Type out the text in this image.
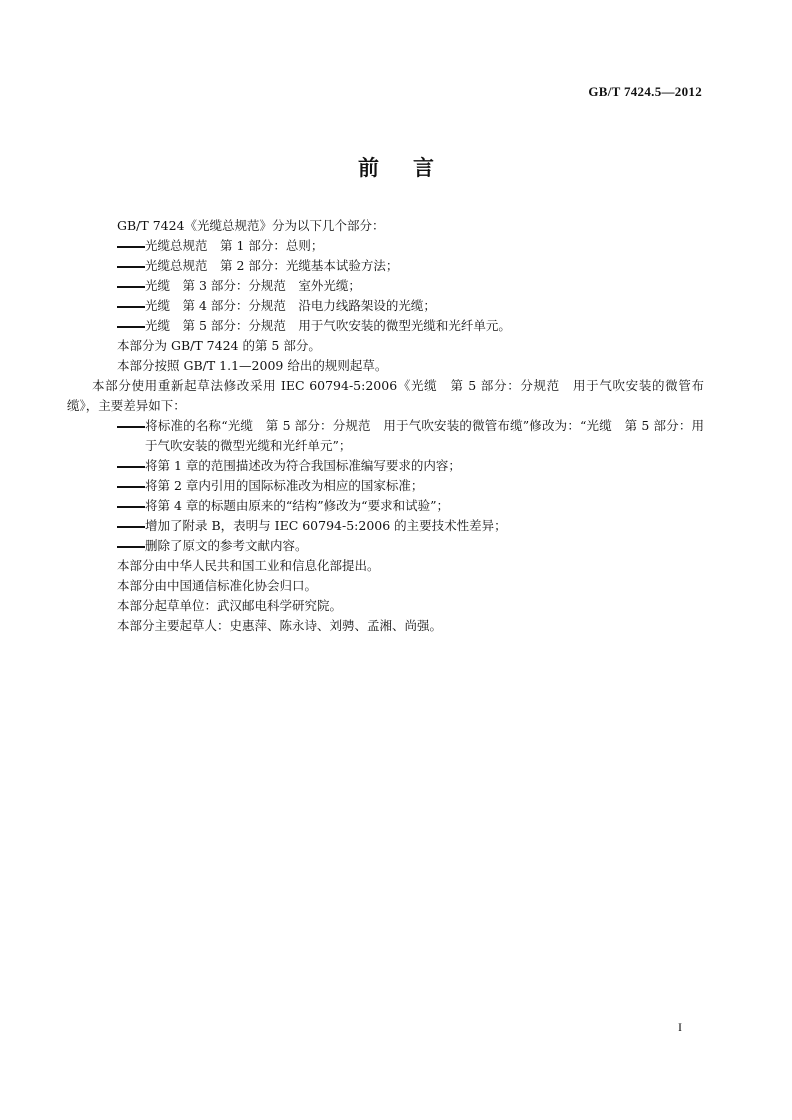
GB/T 7424.5—2012
前言

GB/T 7424《光缆总规范》分为以下几个部分：

光缆总规范　第 1 部分：总则；

光缆总规范　第 2 部分：光缆基本试验方法；

光缆　第 3 部分：分规范　室外光缆；

光缆　第 4 部分：分规范　沿电力线路架设的光缆；

光缆　第 5 部分：分规范　用于气吹安装的微型光缆和光纤单元。

本部分为 GB/T 7424 的第 5 部分。

本部分按照 GB/T 1.1—2009 给出的规则起草。

本部分使用重新起草法修改采用 IEC 60794-5:2006《光缆　第 5 部分：分规范　用于气吹安装的微管布缆》，主要差异如下：

将标准的名称“光缆　第 5 部分：分规范　用于气吹安装的微管布缆”修改为：“光缆　第 5 部分：用于气吹安装的微型光缆和光纤单元”；

将第 1 章的范围描述改为符合我国标准编写要求的内容；

将第 2 章内引用的国际标准改为相应的国家标准；

将第 4 章的标题由原来的“结构”修改为“要求和试验”；

增加了附录 B，表明与 IEC 60794-5:2006 的主要技术性差异；

删除了原文的参考文献内容。

本部分由中华人民共和国工业和信息化部提出。

本部分由中国通信标准化协会归口。

本部分起草单位：武汉邮电科学研究院。

本部分主要起草人：史惠萍、陈永诗、刘骋、孟湘、尚强。

I
